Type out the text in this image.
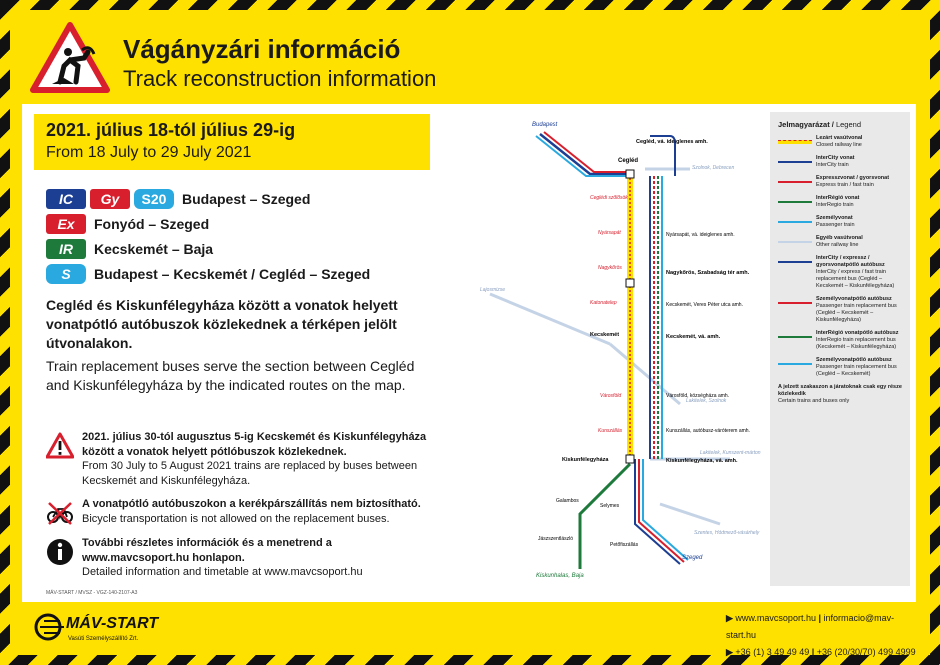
Vágányzári információ
Track reconstruction information
2021. július 18-tól július 29-ig
From 18 July to 29 July 2021
IC	Gy	S20	Budapest – Szeged
Ex	Fonyód – Szeged
IR	Kecskemét – Baja
S	Budapest – Kecskemét / Cegléd – Szeged
Cegléd és Kiskunfélegyháza között a vonatok helyett vonatpótló autóbuszok közlekednek a térképen jelölt útvonalakon.
Train replacement buses serve the section between Cegléd and Kiskunfélegyháza by the indicated routes on the map.
2021. július 30-tól augusztus 5-ig Kecskemét és Kiskunfélegyháza között a vonatok helyett pótlóbuszok közlekednek.
From 30 July to 5 August 2021 trains are replaced by buses between Kecskemét and Kiskunfélegyháza.
A vonatpótló autóbuszokon a kerékpárszállítás nem biztosítható.
Bicycle transportation is not allowed on the replacement buses.
További részletes információk és a menetrend a www.mavcsoport.hu honlapon.
Detailed information and timetable at www.mavcsoport.hu
MÁV-START / MVSZ - VGZ-140-2107-A3
Budapest
Cegléd
Cegléd, vá. ideiglenes amh.
Ceglédi szőlősök
Nyársapát	Nyársapát, vá. ideiglenes amh.
Nagykőrös
Nagykőrös, Szabadság tér amh.
Katonatelep	Kecskemét, Veres Péter utca amh.
Kecskemét	Kecskemét, vá. amh.
Városföld	Városföld, községháza amh.
Kunszállás	Kunszállás, autóbusz-váróterem amh.
Kiskunfélegyháza	Kiskunfélegyháza, vá. amh.
Galambos
Selymes
Jászszentlászló
Petőfiszállás
Szeged
Kiskunhalas, Baja
Szolnok, Debrecen
Lajosmizse
Lakitelek, Szolnok
Lakitelek, Kunszent-márton
Szentes, Hódmező-vásárhely
Jelmagyarázat / Legend
Lezárt vasútvonal
Closed railway line
InterCity vonat
InterCity train
Expresszvonat / gyorsvonat
Express train / fast train
InterRégió vonat
InterRegio train
Személyvonat
Passenger train
Egyéb vasútvonal
Other railway line
InterCity / expressz / gyorsvonatpótló autóbusz
InterCity / express / fast train replacement bus (Cegléd – Kecskemét – Kiskunfélegyháza)
Személyvonatpótló autóbusz
Passenger train replacement bus (Cegléd – Kecskemét – Kiskunfélegyháza)
InterRégió vonatpótló autóbusz
InterRegio train replacement bus (Kecskemét – Kiskunfélegyháza)
Személyvonatpótló autóbusz
Passenger train replacement bus (Cegléd – Kecskemét)
A jelzett szakaszon a járatoknak csak egy része közlekedik
Certain trains and buses only
MÁV-START
Vasúti Személyszállító Zrt.
▶ www.mavcsoport.hu | informacio@mav-start.hu
▶ +36 (1) 3 49 49 49 | +36 (20/30/70) 499 4999
